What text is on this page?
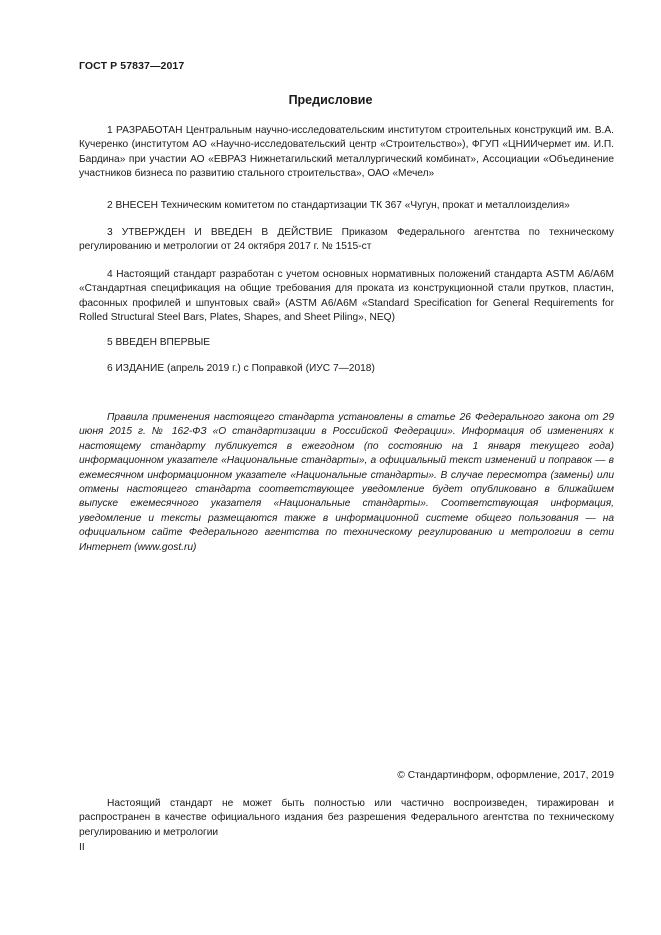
ГОСТ Р 57837—2017
Предисловие

1 РАЗРАБОТАН Центральным научно-исследовательским институтом строительных конструкций им. В.А. Кучеренко (институтом АО «Научно-исследовательский центр «Строительство»), ФГУП «ЦНИИчермет им. И.П. Бардина» при участии АО «ЕВРАЗ Нижнетагильский металлургический комбинат», Ассоциации «Объединение участников бизнеса по развитию стального строительства», ОАО «Мечел»

2 ВНЕСЕН Техническим комитетом по стандартизации ТК 367 «Чугун, прокат и металлоизделия»

3 УТВЕРЖДЕН И ВВЕДЕН В ДЕЙСТВИЕ Приказом Федерального агентства по техническому регулированию и метрологии от 24 октября 2017 г. № 1515-ст

4 Настоящий стандарт разработан с учетом основных нормативных положений стандарта ASTM А6/А6М «Стандартная спецификация на общие требования для проката из конструкционной стали прутков, пластин, фасонных профилей и шпунтовых свай» (ASTM A6/A6M «Standard Specification for General Requirements for Rolled Structural Steel Bars, Plates, Shapes, and Sheet Piling», NEQ)

5 ВВЕДЕН ВПЕРВЫЕ

6 ИЗДАНИЕ (апрель 2019 г.) с Поправкой (ИУС 7—2018)

Правила применения настоящего стандарта установлены в статье 26 Федерального закона от 29 июня 2015 г. № 162-ФЗ «О стандартизации в Российской Федерации». Информация об изменениях к настоящему стандарту публикуется в ежегодном (по состоянию на 1 января текущего года) информационном указателе «Национальные стандарты», а официальный текст изменений и поправок — в ежемесячном информационном указателе «Национальные стандарты». В случае пересмотра (замены) или отмены настоящего стандарта соответствующее уведомление будет опубликовано в ближайшем выпуске ежемесячного указателя «Национальные стандарты». Соответствующая информация, уведомление и тексты размещаются также в информационной системе общего пользования — на официальном сайте Федерального агентства по техническому регулированию и метрологии в сети Интернет (www.gost.ru)

© Стандартинформ, оформление, 2017, 2019

Настоящий стандарт не может быть полностью или частично воспроизведен, тиражирован и распространен в качестве официального издания без разрешения Федерального агентства по техническому регулированию и метрологии

II
